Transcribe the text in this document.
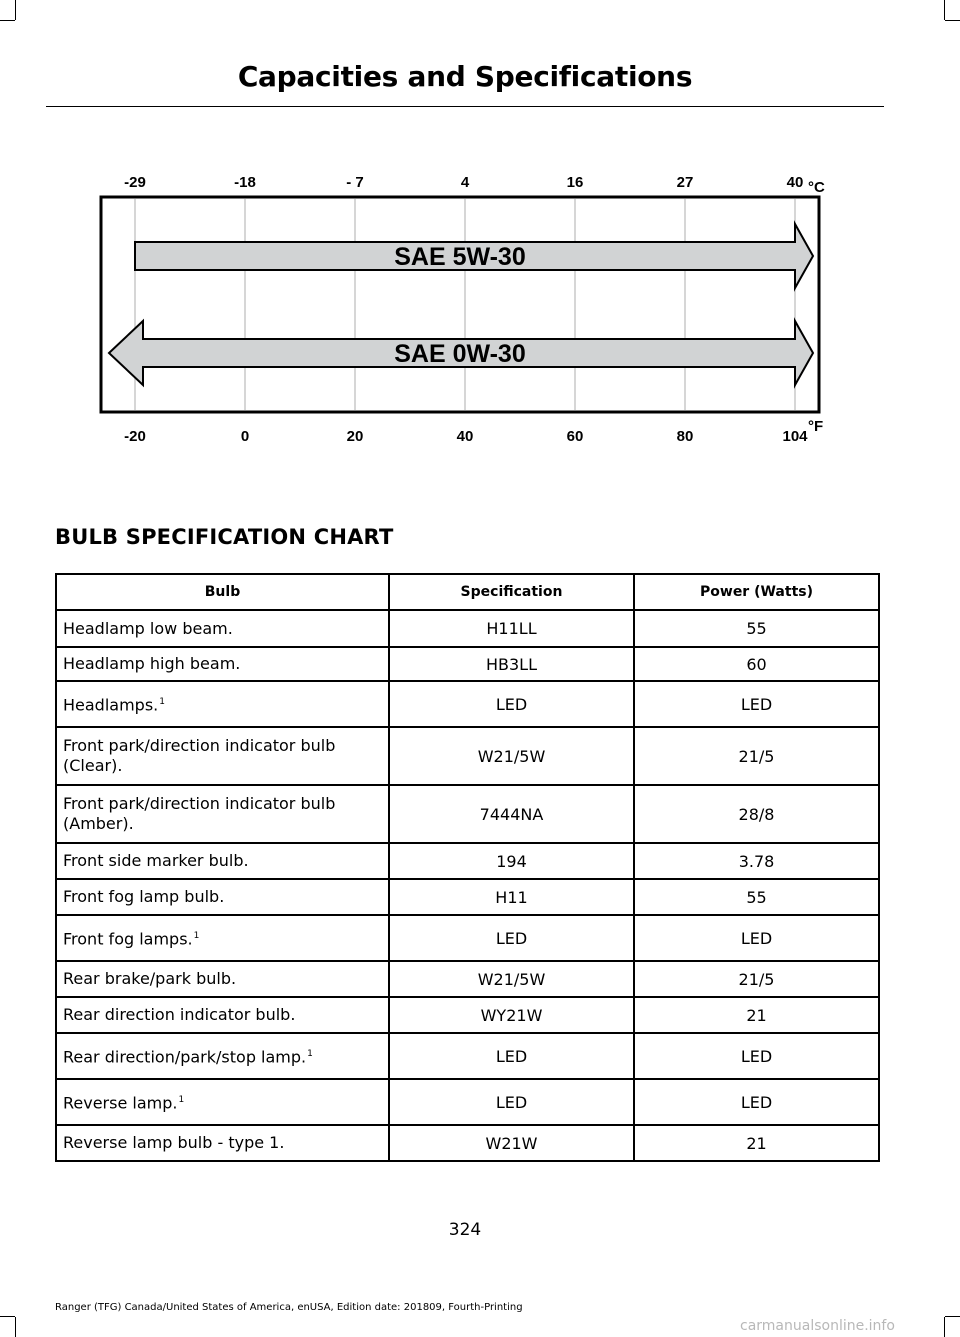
Capacities and Specifications
SAE 5W-30
SAE 0W-30
-29	-18	- 7	4	16	27	40 °C
-20	0	20	40	60	80	104
°F
BULB SPECIFICATION CHART
Bulb	Specification	Power (Watts)
Headlamp low beam.	H11LL	55
Headlamp high beam.	HB3LL	60
Headlamps.$^1$	LED	LED
Front park/direction indicator bulb (Clear).	W21/5W	21/5
Front park/direction indicator bulb (Amber).	7444NA	28/8
Front side marker bulb.	194	3.78
Front fog lamp bulb.	H11	55
Front fog lamps.$^1$	LED	LED
Rear brake/park bulb.	W21/5W	21/5
Rear direction indicator bulb.	WY21W	21
Rear direction/park/stop lamp.$^1$	LED	LED
Reverse lamp.$^1$	LED	LED
Reverse lamp bulb - type 1.	W21W	21
324
Ranger (TFG) Canada/United States of America, enUSA, Edition date: 201809, Fourth-Printing
carmanualsonline.info
